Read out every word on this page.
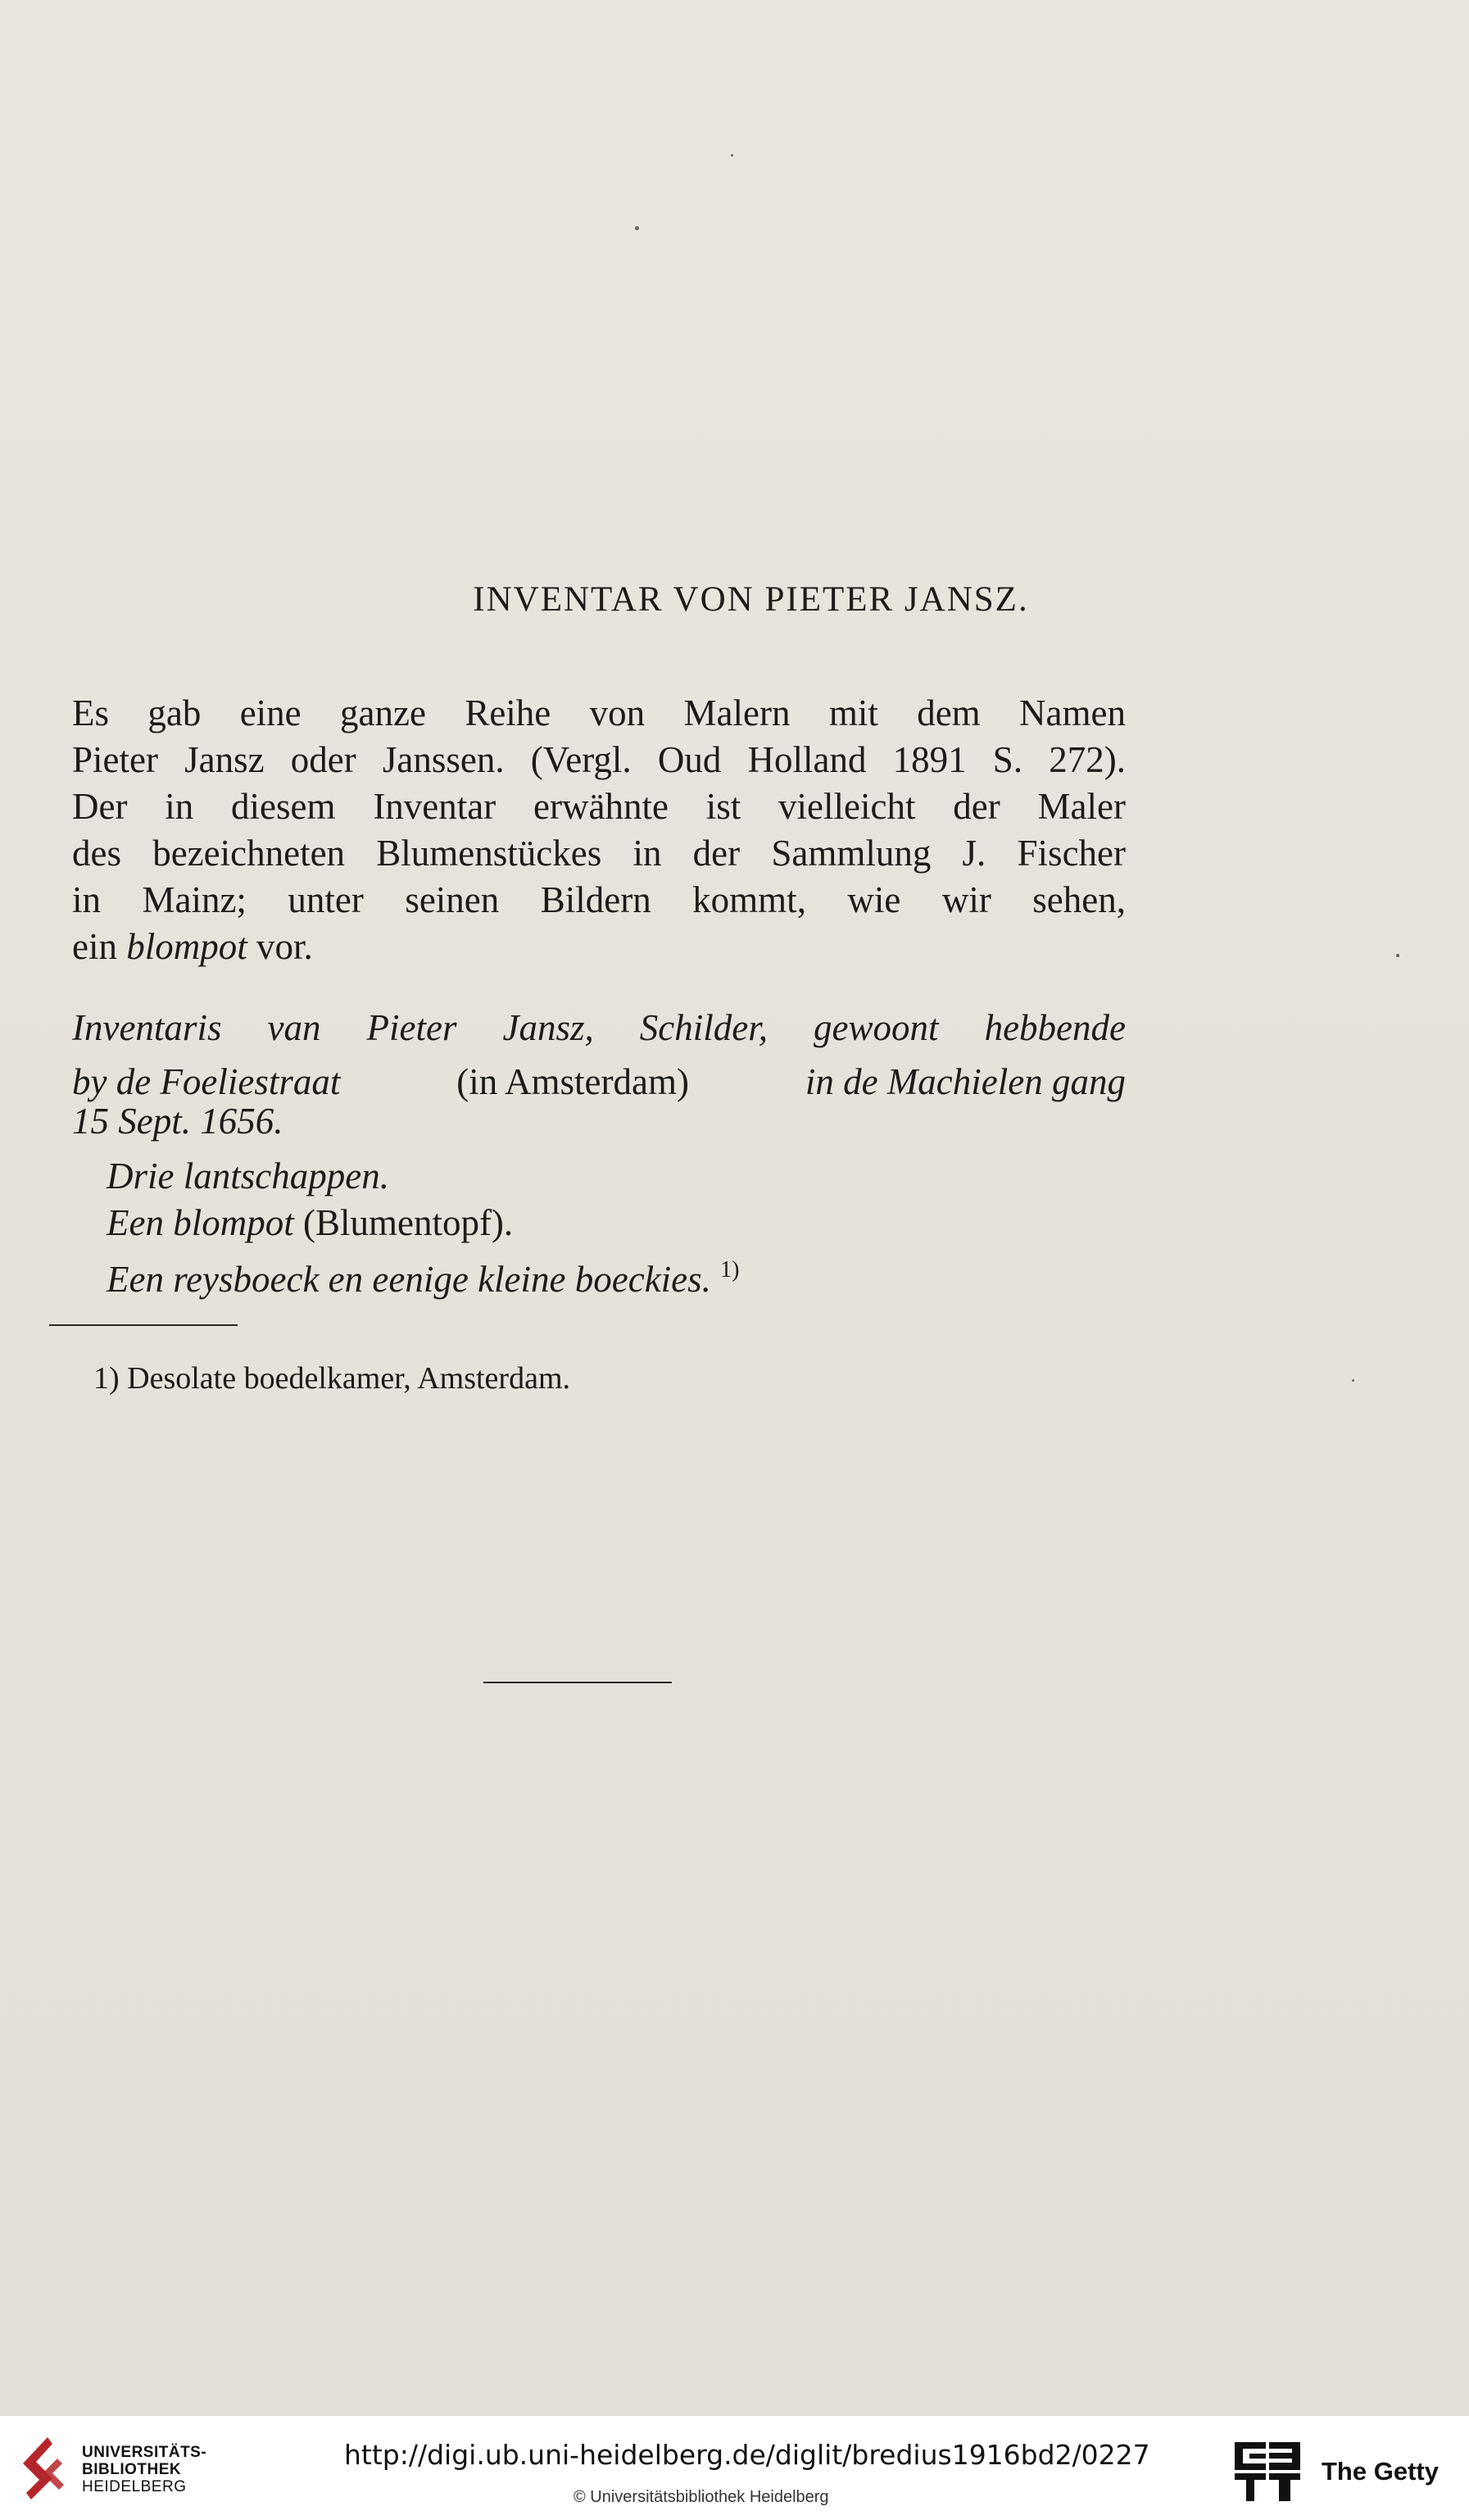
INVENTAR VON PIETER JANSZ.
Es gab eine ganze Reihe von Malern mit dem Namen
Pieter Jansz oder Janssen. (Vergl. Oud Holland 1891 S. 272).
Der in diesem Inventar erwähnte ist vielleicht der Maler
des bezeichneten Blumenstückes in der Sammlung J. Fischer
in Mainz; unter seinen Bildern kommt, wie wir sehen,
ein blompot vor.
Inventaris van Pieter Jansz, Schilder, gewoont hebbende
by de Foeliestraat	(in Amsterdam)	in de Machielen gang
15 Sept. 1656.
Drie lantschappen.
Een blompot (Blumentopf).
Een reysboeck en eenige kleine boeckies. $^{1)}$
1) Desolate boedelkamer, Amsterdam.
UNIVERSITÄTS-
BIBLIOTHEK
HEIDELBERG
http://digi.ub.uni-heidelberg.de/diglit/bredius1916bd2/0227
© Universitätsbibliothek Heidelberg
The Getty
